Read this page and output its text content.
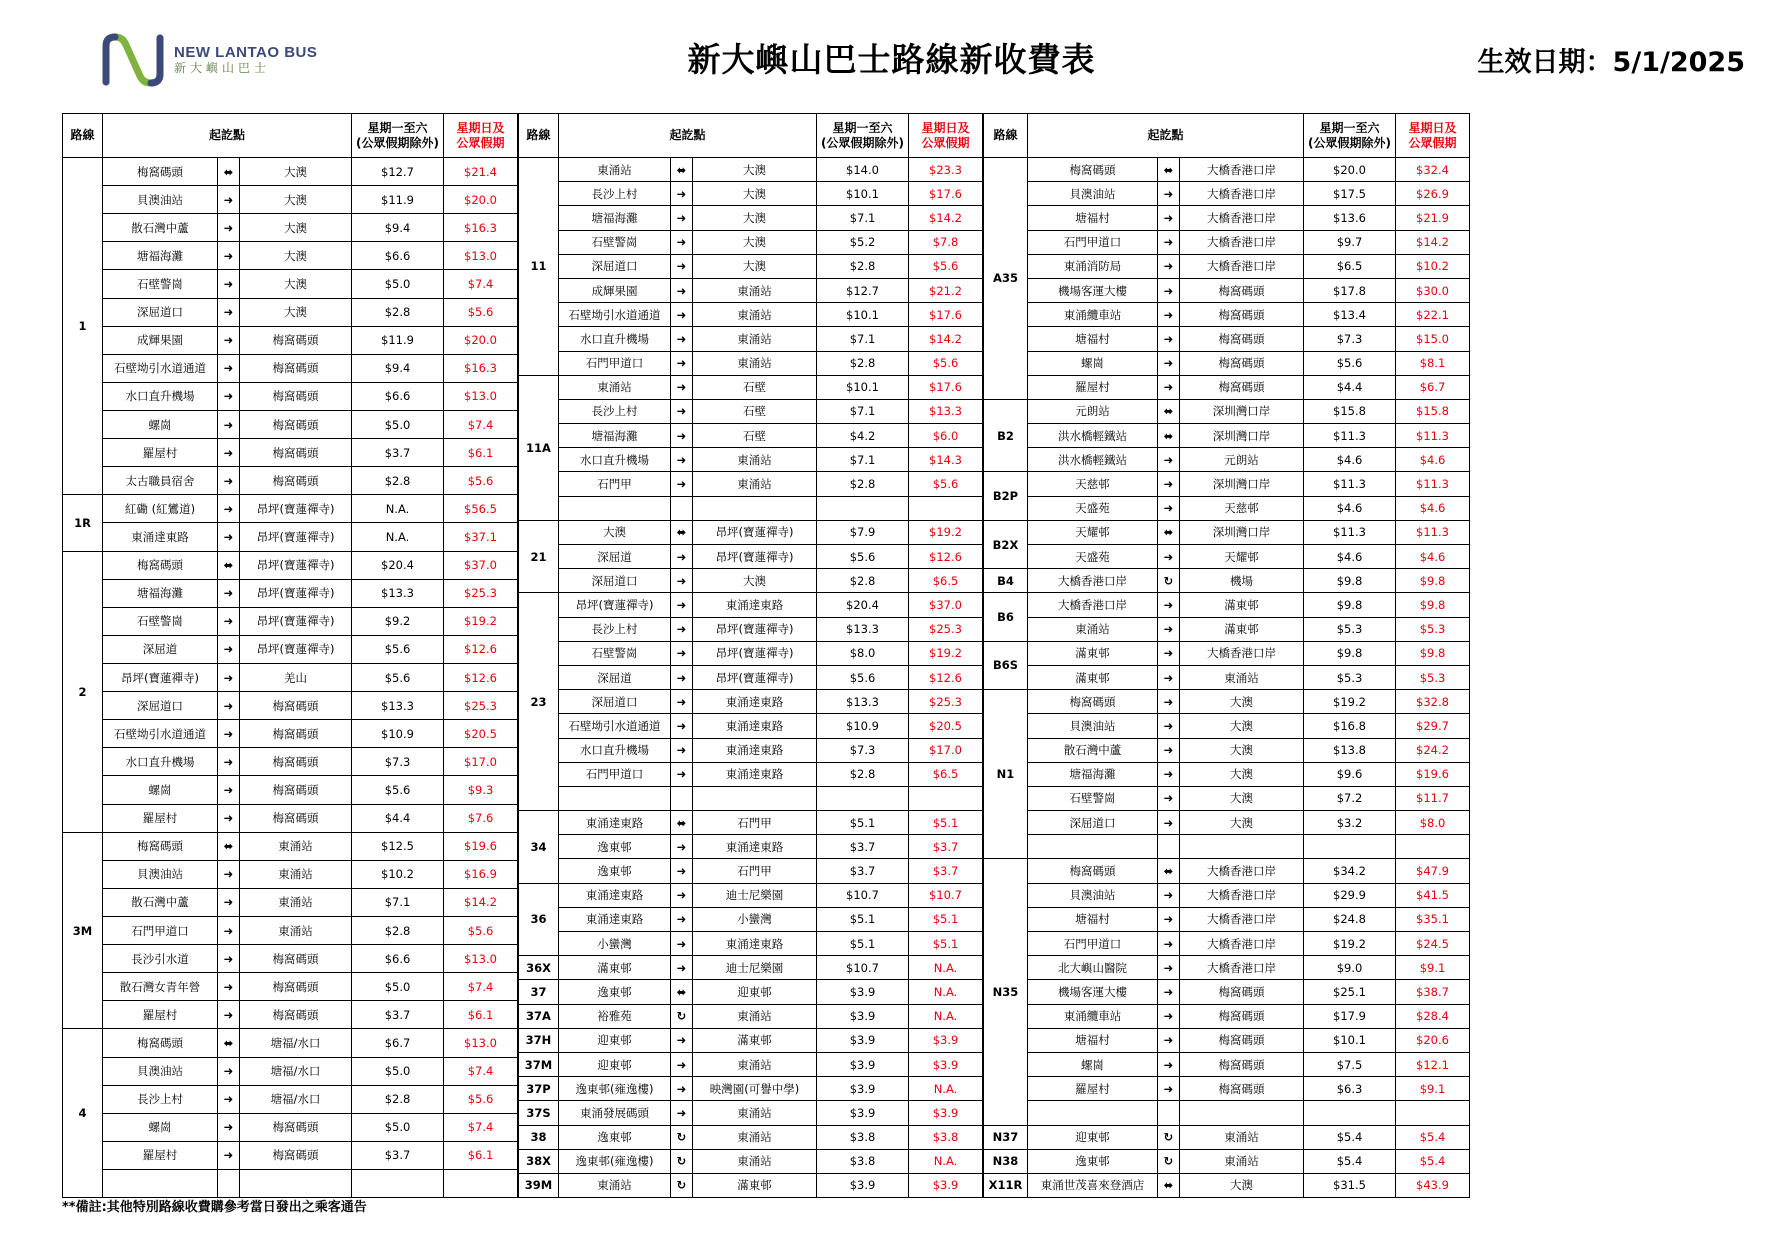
NEW LANTAO BUS
新大嶼山巴士	新大嶼山巴士路線新收費表	生效日期：5/1/2025
路線	起訖點			星期一至六
(公眾假期除外)	星期日及
公眾假期
1	梅窩碼頭	⬌	大澳	$12.7	$21.4
	貝澳油站	➜	大澳	$11.9	$20.0
	散石灣中蘆	➜	大澳	$9.4	$16.3
	塘福海灘	➜	大澳	$6.6	$13.0
	石壁警崗	➜	大澳	$5.0	$7.4
	深屈道口	➜	大澳	$2.8	$5.6
	成輝果園	➜	梅窩碼頭	$11.9	$20.0
	石壁坳引水道通道	➜	梅窩碼頭	$9.4	$16.3
	水口直升機場	➜	梅窩碼頭	$6.6	$13.0
	螺崗	➜	梅窩碼頭	$5.0	$7.4
	羅屋村	➜	梅窩碼頭	$3.7	$6.1
	太古職員宿舍	➜	梅窩碼頭	$2.8	$5.6
1R	紅磡 (紅鸞道)	➜	昂坪(寶蓮禪寺)	N.A.	$56.5
	東涌達東路	➜	昂坪(寶蓮禪寺)	N.A.	$37.1
2	梅窩碼頭	⬌	昂坪(寶蓮禪寺)	$20.4	$37.0
	塘福海灘	➜	昂坪(寶蓮禪寺)	$13.3	$25.3
	石壁警崗	➜	昂坪(寶蓮禪寺)	$9.2	$19.2
	深屈道	➜	昂坪(寶蓮禪寺)	$5.6	$12.6
	昂坪(寶蓮禪寺)	➜	羌山	$5.6	$12.6
	深屈道口	➜	梅窩碼頭	$13.3	$25.3
	石壁坳引水道通道	➜	梅窩碼頭	$10.9	$20.5
	水口直升機場	➜	梅窩碼頭	$7.3	$17.0
	螺崗	➜	梅窩碼頭	$5.6	$9.3
	羅屋村	➜	梅窩碼頭	$4.4	$7.6
3M	梅窩碼頭	⬌	東涌站	$12.5	$19.6
	貝澳油站	➜	東涌站	$10.2	$16.9
	散石灣中蘆	➜	東涌站	$7.1	$14.2
	石門甲道口	➜	東涌站	$2.8	$5.6
	長沙引水道	➜	梅窩碼頭	$6.6	$13.0
	散石灣女青年營	➜	梅窩碼頭	$5.0	$7.4
	羅屋村	➜	梅窩碼頭	$3.7	$6.1
4	梅窩碼頭	⬌	塘福/水口	$6.7	$13.0
	貝澳油站	➜	塘福/水口	$5.0	$7.4
	長沙上村	➜	塘福/水口	$2.8	$5.6
	螺崗	➜	梅窩碼頭	$5.0	$7.4
	羅屋村	➜	梅窩碼頭	$3.7	$6.1

路線	起訖點			星期一至六
(公眾假期除外)	星期日及
公眾假期
11	東涌站	⬌	大澳	$14.0	$23.3
	長沙上村	➜	大澳	$10.1	$17.6
	塘福海灘	➜	大澳	$7.1	$14.2
	石壁警崗	➜	大澳	$5.2	$7.8
	深屈道口	➜	大澳	$2.8	$5.6
	成輝果園	➜	東涌站	$12.7	$21.2
	石壁坳引水道通道	➜	東涌站	$10.1	$17.6
	水口直升機場	➜	東涌站	$7.1	$14.2
	石門甲道口	➜	東涌站	$2.8	$5.6
11A	東涌站	➜	石壁	$10.1	$17.6
	長沙上村	➜	石壁	$7.1	$13.3
	塘福海灘	➜	石壁	$4.2	$6.0
	水口直升機場	➜	東涌站	$7.1	$14.3
	石門甲	➜	東涌站	$2.8	$5.6

21	大澳	⬌	昂坪(寶蓮禪寺)	$7.9	$19.2
	深屈道	➜	昂坪(寶蓮禪寺)	$5.6	$12.6
	深屈道口	➜	大澳	$2.8	$6.5
23	昂坪(寶蓮禪寺)	➜	東涌達東路	$20.4	$37.0
	長沙上村	➜	昂坪(寶蓮禪寺)	$13.3	$25.3
	石壁警崗	➜	昂坪(寶蓮禪寺)	$8.0	$19.2
	深屈道	➜	昂坪(寶蓮禪寺)	$5.6	$12.6
	深屈道口	➜	東涌達東路	$13.3	$25.3
	石壁坳引水道通道	➜	東涌達東路	$10.9	$20.5
	水口直升機場	➜	東涌達東路	$7.3	$17.0
	石門甲道口	➜	東涌達東路	$2.8	$6.5

34	東涌達東路	⬌	石門甲	$5.1	$5.1
	逸東邨	➜	東涌達東路	$3.7	$3.7
	逸東邨	➜	石門甲	$3.7	$3.7
36	東涌達東路	➜	迪士尼樂園	$10.7	$10.7
	東涌達東路	➜	小蠻灣	$5.1	$5.1
	小蠻灣	➜	東涌達東路	$5.1	$5.1
36X	滿東邨	➜	迪士尼樂園	$10.7	N.A.
37	逸東邨	⬌	迎東邨	$3.9	N.A.
37A	裕雅苑	↻	東涌站	$3.9	N.A.
37H	迎東邨	➜	滿東邨	$3.9	$3.9
37M	迎東邨	➜	東涌站	$3.9	$3.9
37P	逸東邨(雍逸樓)	➜	映灣園(可譽中學)	$3.9	N.A.
37S	東涌發展碼頭	➜	東涌站	$3.9	$3.9
38	逸東邨	↻	東涌站	$3.8	$3.8
38X	逸東邨(雍逸樓)	↻	東涌站	$3.8	N.A.
39M	東涌站	↻	滿東邨	$3.9	$3.9
路線	起訖點			星期一至六
(公眾假期除外)	星期日及
公眾假期
A35	梅窩碼頭	⬌	大橋香港口岸	$20.0	$32.4
	貝澳油站	➜	大橋香港口岸	$17.5	$26.9
	塘福村	➜	大橋香港口岸	$13.6	$21.9
	石門甲道口	➜	大橋香港口岸	$9.7	$14.2
	東涌消防局	➜	大橋香港口岸	$6.5	$10.2
	機場客運大樓	➜	梅窩碼頭	$17.8	$30.0
	東涌纜車站	➜	梅窩碼頭	$13.4	$22.1
	塘福村	➜	梅窩碼頭	$7.3	$15.0
	螺崗	➜	梅窩碼頭	$5.6	$8.1
	羅屋村	➜	梅窩碼頭	$4.4	$6.7
B2	元朗站	⬌	深圳灣口岸	$15.8	$15.8
	洪水橋輕鐵站	⬌	深圳灣口岸	$11.3	$11.3
	洪水橋輕鐵站	➜	元朗站	$4.6	$4.6
B2P	天慈邨	➜	深圳灣口岸	$11.3	$11.3
	天盛苑	➜	天慈邨	$4.6	$4.6
B2X	天耀邨	⬌	深圳灣口岸	$11.3	$11.3
	天盛苑	➜	天耀邨	$4.6	$4.6
B4	大橋香港口岸	↻	機場	$9.8	$9.8
B6	大橋香港口岸	➜	滿東邨	$9.8	$9.8
	東涌站	➜	滿東邨	$5.3	$5.3
B6S	滿東邨	➜	大橋香港口岸	$9.8	$9.8
	滿東邨	➜	東涌站	$5.3	$5.3
N1	梅窩碼頭	➜	大澳	$19.2	$32.8
	貝澳油站	➜	大澳	$16.8	$29.7
	散石灣中蘆	➜	大澳	$13.8	$24.2
	塘福海灘	➜	大澳	$9.6	$19.6
	石壁警崗	➜	大澳	$7.2	$11.7
	深屈道口	➜	大澳	$3.2	$8.0

N35	梅窩碼頭	⬌	大橋香港口岸	$34.2	$47.9
	貝澳油站	➜	大橋香港口岸	$29.9	$41.5
	塘福村	➜	大橋香港口岸	$24.8	$35.1
	石門甲道口	➜	大橋香港口岸	$19.2	$24.5
	北大嶼山醫院	➜	大橋香港口岸	$9.0	$9.1
	機場客運大樓	➜	梅窩碼頭	$25.1	$38.7
	東涌纜車站	➜	梅窩碼頭	$17.9	$28.4
	塘福村	➜	梅窩碼頭	$10.1	$20.6
	螺崗	➜	梅窩碼頭	$7.5	$12.1
	羅屋村	➜	梅窩碼頭	$6.3	$9.1

N37	迎東邨	↻	東涌站	$5.4	$5.4
N38	逸東邨	↻	東涌站	$5.4	$5.4
X11R	東涌世茂喜來登酒店	⬌	大澳	$31.5	$43.9
**備註:其他特別路線收費購參考當日發出之乘客通告
